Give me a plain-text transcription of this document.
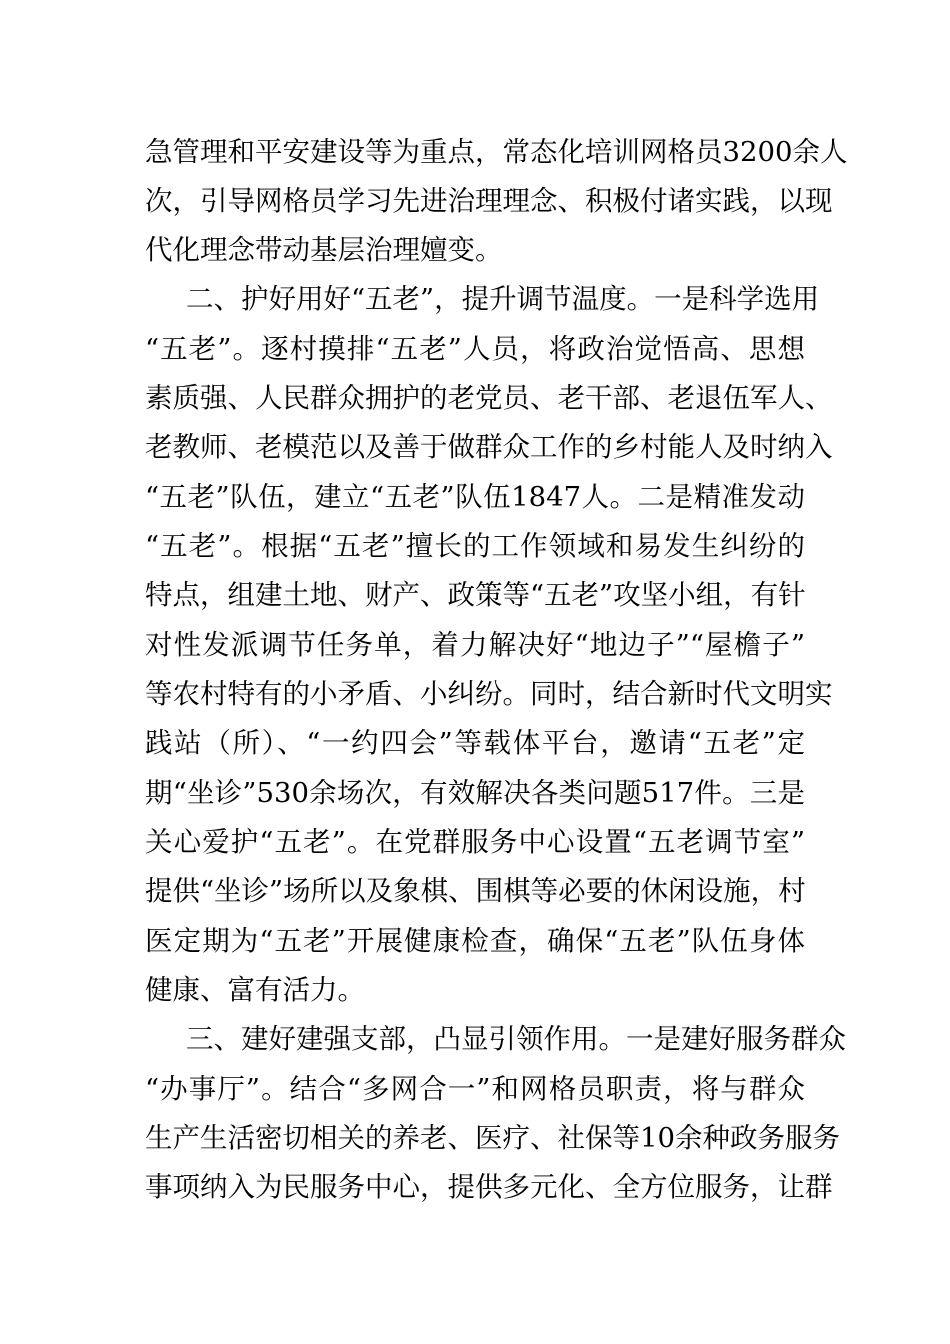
急管理和平安建设等为重点，常态化培训网格员3200余人
次，引导网格员学习先进治理理念、积极付诸实践，以现
代化理念带动基层治理嬗变。
二、护好用好“五老”，提升调节温度。一是科学选用
“五老”。逐村摸排“五老”人员，将政治觉悟高、思想
素质强、人民群众拥护的老党员、老干部、老退伍军人、
老教师、老模范以及善于做群众工作的乡村能人及时纳入
“五老”队伍，建立“五老”队伍1847人。二是精准发动
“五老”。根据“五老”擅长的工作领域和易发生纠纷的
特点，组建土地、财产、政策等“五老”攻坚小组，有针
对性发派调节任务单，着力解决好“地边子”“屋檐子”
等农村特有的小矛盾、小纠纷。同时，结合新时代文明实
践站（所）、“一约四会”等载体平台，邀请“五老”定
期“坐诊”530余场次，有效解决各类问题517件。三是
关心爱护“五老”。在党群服务中心设置“五老调节室”
提供“坐诊”场所以及象棋、围棋等必要的休闲设施，村
医定期为“五老”开展健康检查，确保“五老”队伍身体
健康、富有活力。
三、建好建强支部，凸显引领作用。一是建好服务群众
“办事厅”。结合“多网合一”和网格员职责，将与群众
生产生活密切相关的养老、医疗、社保等10余种政务服务
事项纳入为民服务中心，提供多元化、全方位服务，让群
